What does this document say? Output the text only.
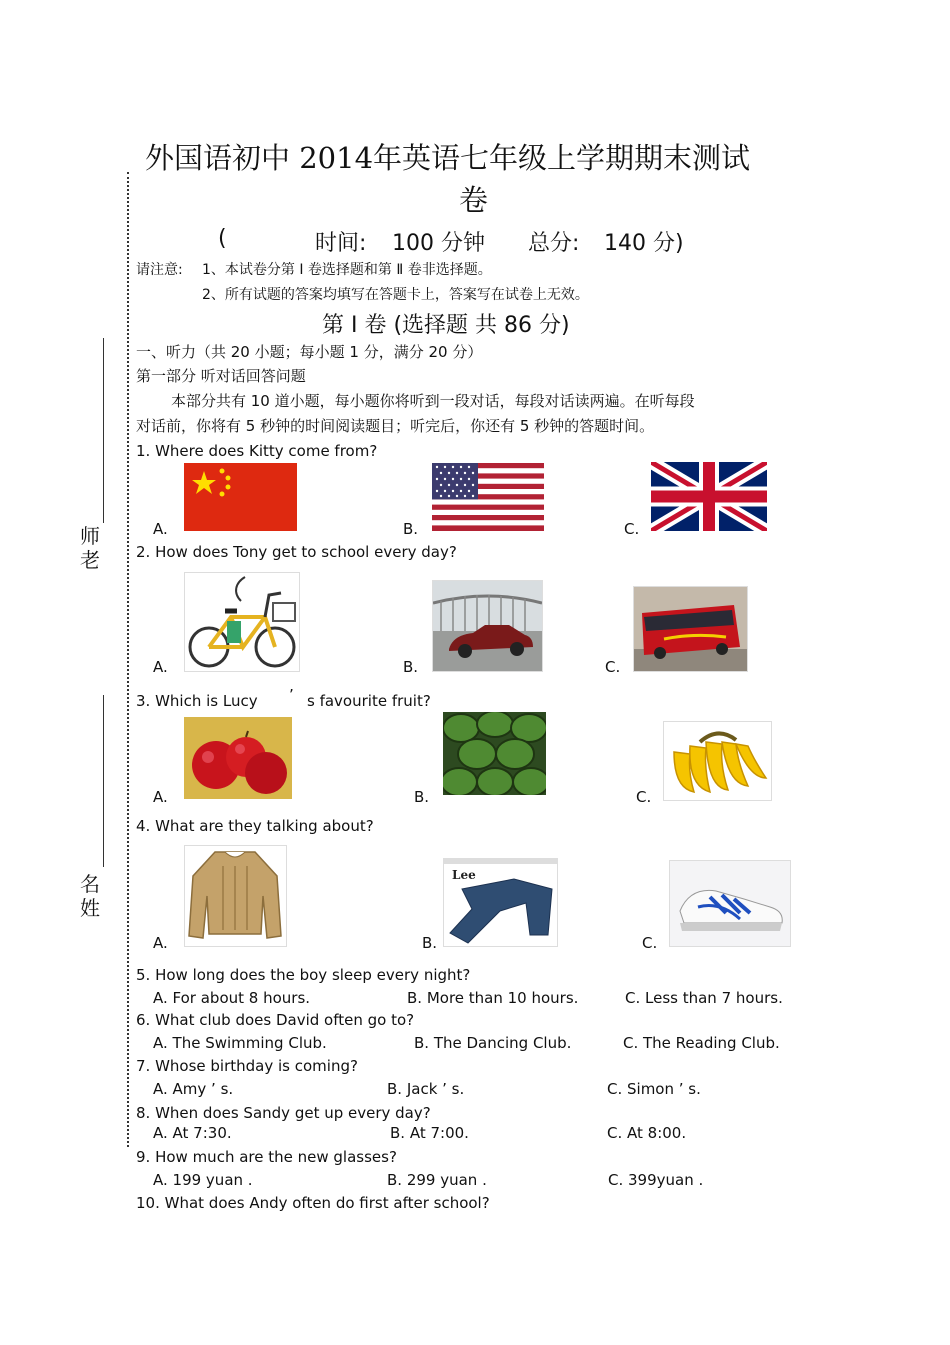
师老
名姓
外国语初中 2014年英语七年级上学期期末测试
卷
(	时间: 100 分钟 总分: 140 分)
请注意: 1、本试卷分第 Ⅰ 卷选择题和第 Ⅱ 卷非选择题。
2、所有试题的答案均填写在答题卡上，答案写在试卷上无效。
第 I 卷 (选择题 共 86 分)
一、听力（共 20 小题；每小题 1 分，满分 20 分）
第一部分 听对话回答问题
本部分共有 10 道小题，每小题你将听到一段对话，每段对话读两遍。在听每段
对话前，你将有 5 秒钟的时间阅读题目；听完后，你还有 5 秒钟的答题时间。
1. Where does Kitty come from?
A.	B.	C.
2. How does Tony get to school every day?
A.	B.	C.
3. Which is Lucy ’ s favourite fruit?
A.	B.	C.
4. What are they talking about?
A.	B.	C.
Lee
5. How long does the boy sleep every night?
A. For about 8 hours.	B. More than 10 hours.	C. Less than 7 hours.
6. What club does David often go to?
A. The Swimming Club.	B. The Dancing Club.	C. The Reading Club.
7. Whose birthday is coming?
A. Amy ’ s.	B. Jack ’ s.	C. Simon ’ s.
8. When does Sandy get up every day?
A. At 7:30.	B. At 7:00.	C. At 8:00.
9. How much are the new glasses?
A. 199 yuan .	B. 299 yuan .	C. 399yuan .
10. What does Andy often do first after school?
